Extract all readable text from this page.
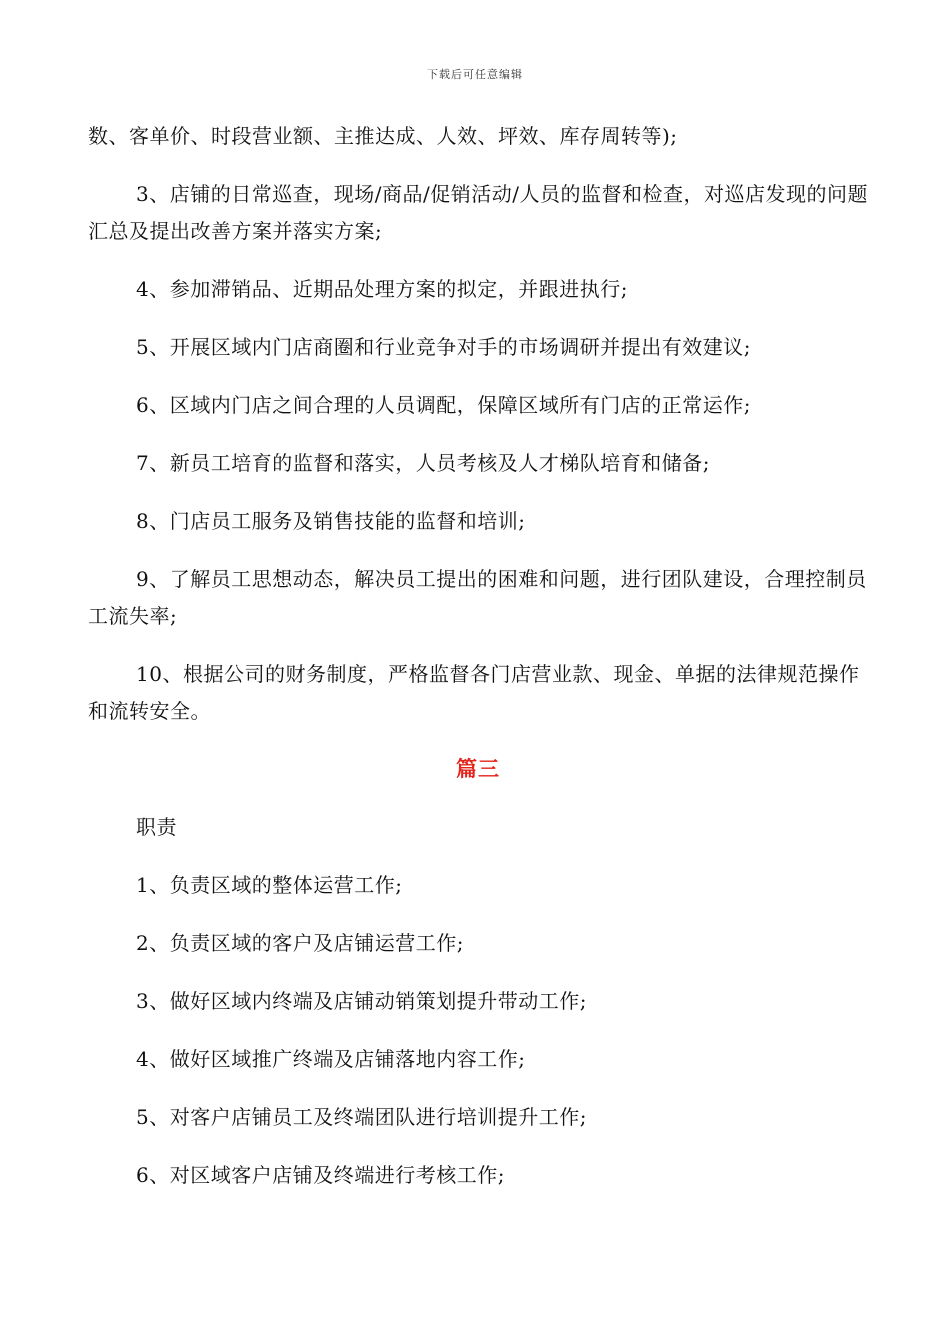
下载后可任意编辑

数、客单价、时段营业额、主推达成、人效、坪效、库存周转等);

3、店铺的日常巡查，现场/商品/促销活动/人员的监督和检查，对巡店发现的问题汇总及提出改善方案并落实方案;

4、参加滞销品、近期品处理方案的拟定，并跟进执行;

5、开展区域内门店商圈和行业竞争对手的市场调研并提出有效建议;

6、区域内门店之间合理的人员调配，保障区域所有门店的正常运作;

7、新员工培育的监督和落实，人员考核及人才梯队培育和储备;

8、门店员工服务及销售技能的监督和培训;

9、了解员工思想动态，解决员工提出的困难和问题，进行团队建设，合理控制员工流失率;

10、根据公司的财务制度，严格监督各门店营业款、现金、单据的法律规范操作和流转安全。

篇三

职责

1、负责区域的整体运营工作;

2、负责区域的客户及店铺运营工作;

3、做好区域内终端及店铺动销策划提升带动工作;

4、做好区域推广终端及店铺落地内容工作;

5、对客户店铺员工及终端团队进行培训提升工作;

6、对区域客户店铺及终端进行考核工作;
